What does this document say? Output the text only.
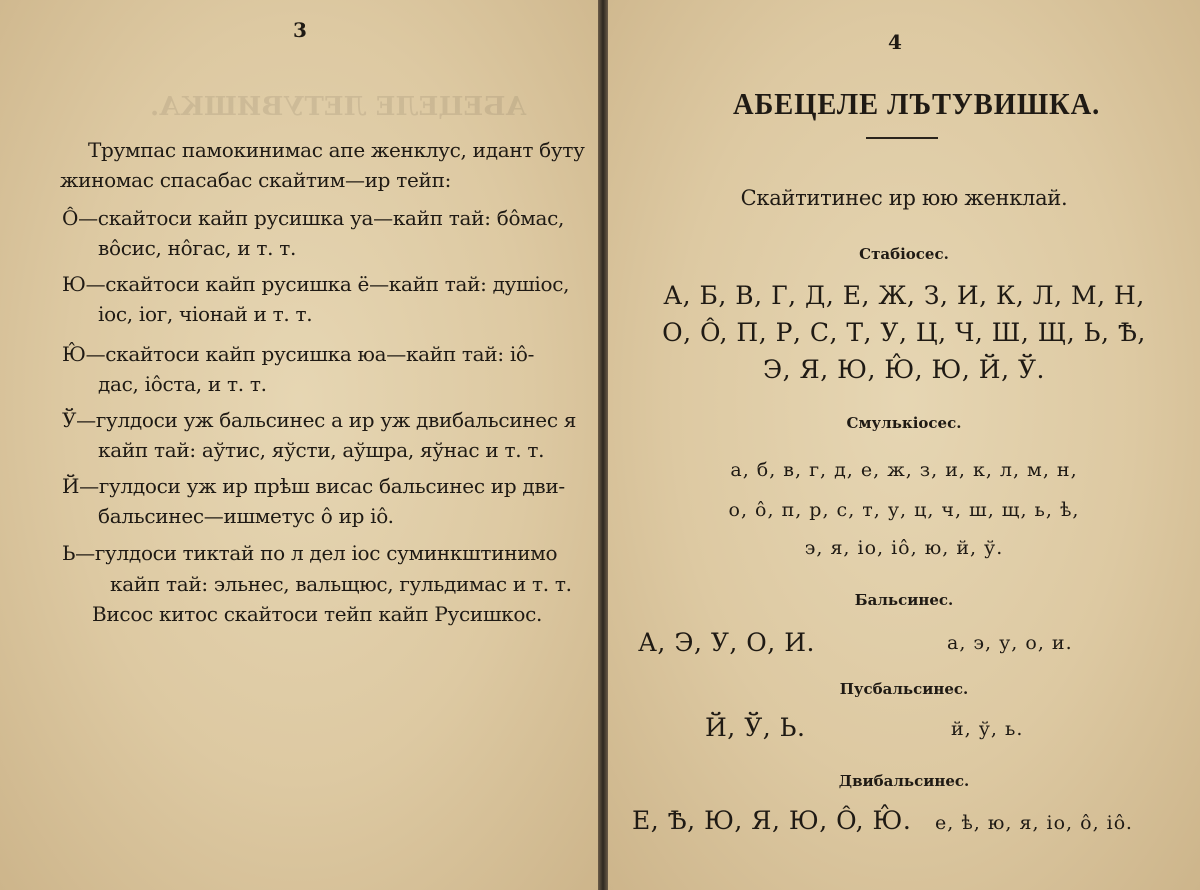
АБЕЦЕЛЕ ЛЕТУВИШКА.
3
Трумпас памокинимас апе женклус, идант буту
жиномас спасабас скайтим—ир тейп:
Ô—скайтоси кайп русишка уа—кайп тай: бôмас,
вôсис, нôгас, и т. т.
Ю—скайтоси кайп русишка ё—кайп тай: душiос,
iос, iог, чiонай и т. т.
Ю̂—скайтоси кайп русишка юа—кайп тай: iô-
дас, iôста, и т. т.
Ў—гулдоси уж бальсинес а ир уж двибальсинес я
кайп тай: аўтис, яўсти, аўшра, яўнас и т. т.
Й—гулдоси уж ир прѣш висас бальсинес ир дви-
бальсинес—ишметус ô ир iô.
Ь—гулдоси тиктай по л дел iос суминкштинимо
кайп тай: эльнес, вальщюс, гульдимас и т. т.
Висос китос скайтоси тейп кайп Русишкос.
4
АБЕЦЕЛЕ ЛЪТУВИШКА.
Скайтитинес ир юю женклай.
Стабiосес.
А, Б, В, Г, Д, Е, Ж, З, И, К, Л, М, Н,
О, Ô, П, Р, С, Т, У, Ц, Ч, Ш, Щ, Ь, Ѣ,
Э, Я, Ю, Ю̂, Ю, Й, Ў.
Смулькiосес.
а, б, в, г, д, е, ж, з, и, к, л, м, н,
о, ô, п, р, с, т, у, ц, ч, ш, щ, ь, ѣ,
э, я, iо, iô, ю, й, ў.
Бальсинес.
А, Э, У, О, И.	а, э, у, о, и.
Пусбальсинес.
Й, Ў, Ь.	й, ў, ь.
Двибальсинес.
Е, Ѣ, Ю, Я, Ю, Ô, Ю̂. е, ѣ, ю, я, iо, ô, iô.
